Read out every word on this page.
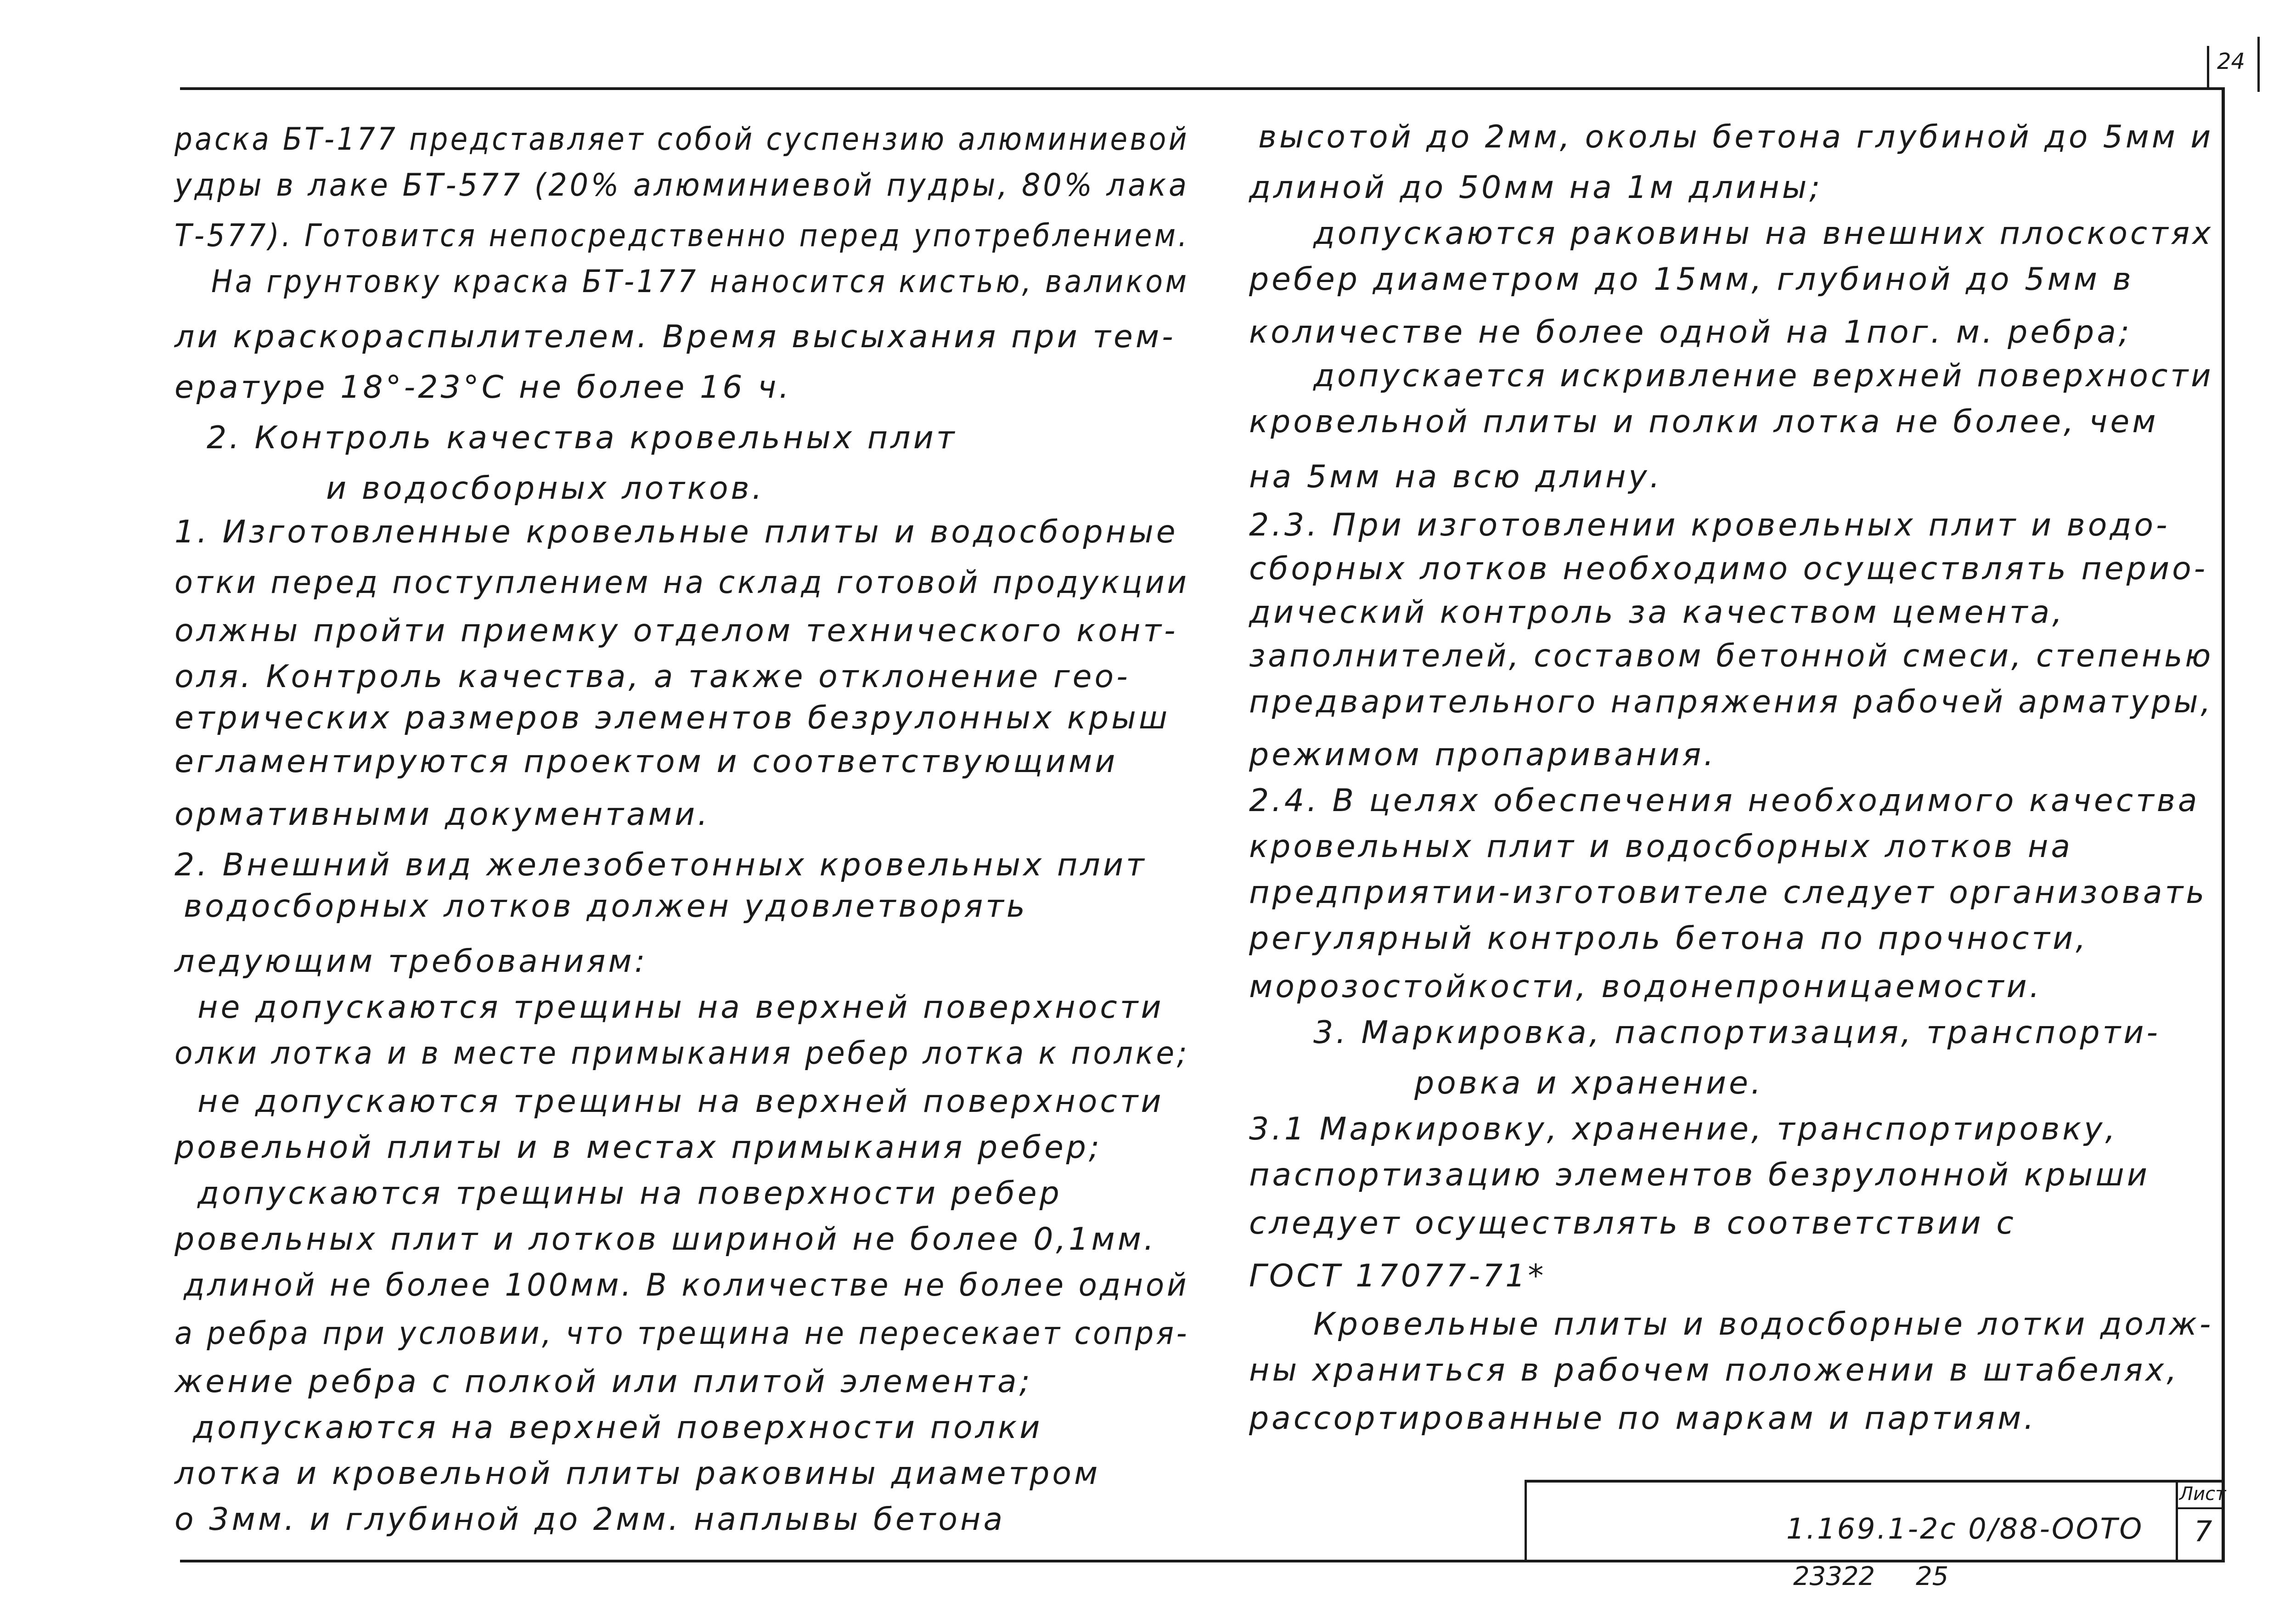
24
раска БТ-177 представляет собой суспензию алюминиевой
удры в лаке БТ-577 (20% алюминиевой пудры, 80% лака
Т-577). Готовится непосредственно перед употреблением.
На грунтовку краска БТ-177 наносится кистью, валиком
ли краскораспылителем. Время высыхания при тем-
ературе 18°-23°С не более 16 ч.
2. Контроль качества кровельных плит
и водосборных лотков.
1. Изготовленные кровельные плиты и водосборные
отки перед поступлением на склад готовой продукции
олжны пройти приемку отделом технического конт-
оля. Контроль качества, а также отклонение гео-
етрических размеров элементов безрулонных крыш
егламентируются проектом и соответствующими
ормативными документами.
2. Внешний вид железобетонных кровельных плит
водосборных лотков должен удовлетворять
ледующим требованиям:
не допускаются трещины на верхней поверхности
олки лотка и в месте примыкания ребер лотка к полке;
не допускаются трещины на верхней поверхности
ровельной плиты и в местах примыкания ребер;
допускаются трещины на поверхности ребер
ровельных плит и лотков шириной не более 0,1мм.
длиной не более 100мм. В количестве не более одной
а ребра при условии, что трещина не пересекает сопря-
жение ребра с полкой или плитой элемента;
допускаются на верхней поверхности полки
лотка и кровельной плиты раковины диаметром
о 3мм. и глубиной до 2мм. наплывы бетона
высотой до 2мм, околы бетона глубиной до 5мм и
длиной до 50мм на 1м длины;
допускаются раковины на внешних плоскостях
ребер диаметром до 15мм, глубиной до 5мм в
количестве не более одной на 1пог. м. ребра;
допускается искривление верхней поверхности
кровельной плиты и полки лотка не более, чем
на 5мм на всю длину.
2.3. При изготовлении кровельных плит и водо-
сборных лотков необходимо осуществлять перио-
дический контроль за качеством цемента,
заполнителей, составом бетонной смеси, степенью
предварительного напряжения рабочей арматуры,
режимом пропаривания.
2.4. В целях обеспечения необходимого качества
кровельных плит и водосборных лотков на
предприятии-изготовителе следует организовать
регулярный контроль бетона по прочности,
морозостойкости, водонепроницаемости.
3. Маркировка, паспортизация, транспорти-
ровка и хранение.
3.1 Маркировку, хранение, транспортировку,
паспортизацию элементов безрулонной крыши
следует осуществлять в соответствии с
ГОСТ 17077-71*
Кровельные плиты и водосборные лотки долж-
ны храниться в рабочем положении в штабелях,
рассортированные по маркам и партиям.
Лист
7
1.169.1-2с 0/88-ООТО
23322 25
